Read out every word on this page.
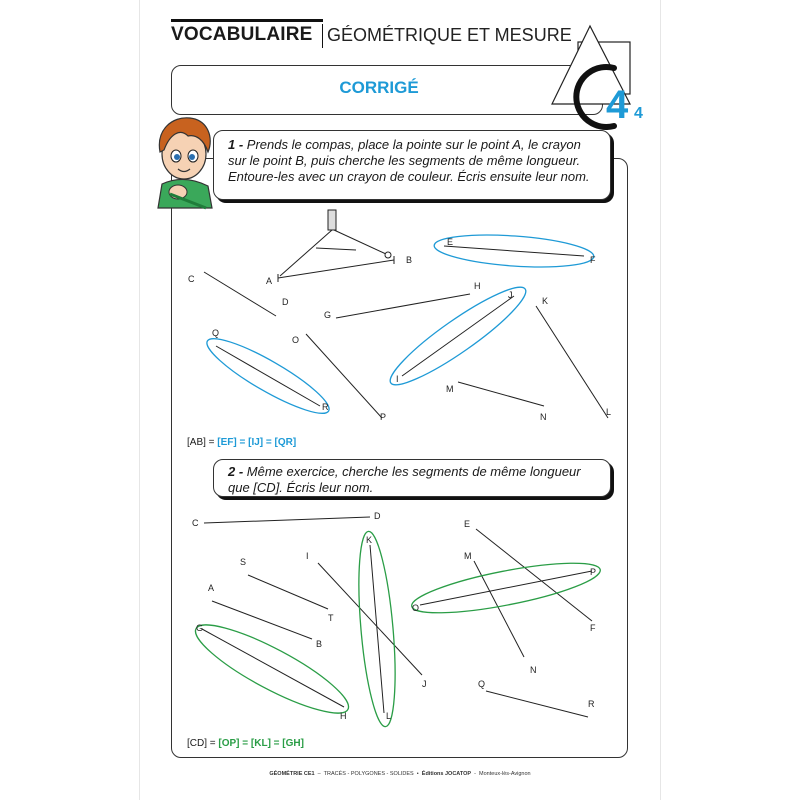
VOCABULAIRE GÉOMÉTRIQUE ET MESURE
CORRIGÉ	4 4
1 - Prends le compas, place la pointe sur le point A, le crayon sur le point B, puis cherche les segments de même longueur. Entoure-les avec un crayon de couleur. Écris ensuite leur nom.
A
B
C
D
E
F
G
H
I
J
K
L
M
N
O
P
Q
R
[AB] = [EF] = [IJ] = [QR]
2 - Même exercice, cherche les segments de même longueur que [CD]. Écris leur nom.
A
B
C
D
E
F
G
H
I
J
K
L
M
N
O
P
Q
R
S
T
[CD] = [OP] = [KL] = [GH]
GÉOMÉTRIE CE1  –  TRACÉS - POLYGONES - SOLIDES  •  Éditions JOCATOP  -  Monteux-lès-Avignon
